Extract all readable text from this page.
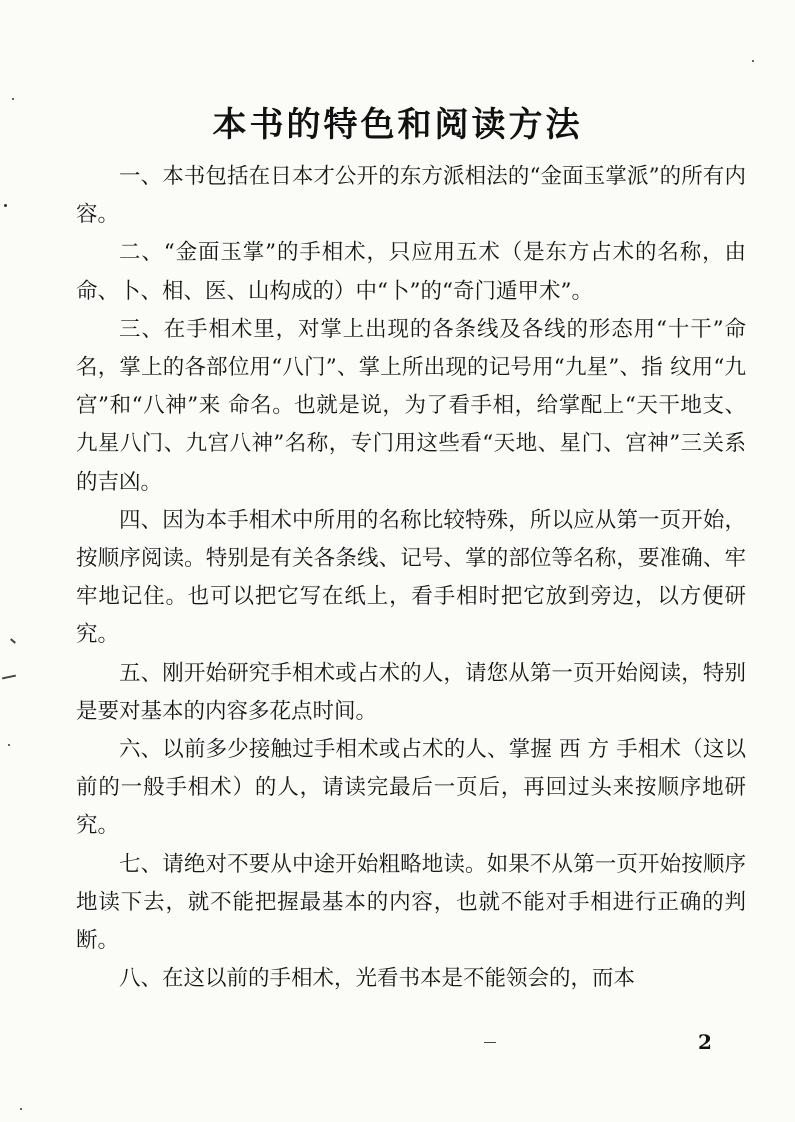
本书的特色和阅读方法

一、本书包括在日本才公开的东方派相法的“金面玉掌派”的所有内容。

二、“金面玉掌”的手相术，只应用五术（是东方占术的名称，由命、卜、相、医、山构成的）中“卜”的“奇门遁甲术”。

三、在手相术里，对掌上出现的各条线及各线的形态用“十干”命名，掌上的各部位用“八门”、掌上所出现的记号用“九星”、指 纹用“九宫”和“八神”来 命名。也就是说，为了看手相，给掌配上“天干地支、九星八门、九宫八神”名称，专门用这些看“天地、星门、宫神”三关系的吉凶。

四、因为本手相术中所用的名称比较特殊，所以应从第一页开始，按顺序阅读。特别是有关各条线、记号、掌的部位等名称，要准确、牢牢地记住。也可以把它写在纸上，看手相时把它放到旁边，以方便研究。

五、刚开始研究手相术或占术的人，请您从第一页开始阅读，特别是要对基本的内容多花点时间。

六、以前多少接触过手相术或占术的人、掌握 西 方 手相术（这以前的一般手相术）的人，请读完最后一页后，再回过头来按顺序地研究。

七、请绝对不要从中途开始粗略地读。如果不从第一页开始按顺序地读下去，就不能把握最基本的内容，也就不能对手相进行正确的判断。

八、在这以前的手相术，光看书本是不能领会的，而本

2
